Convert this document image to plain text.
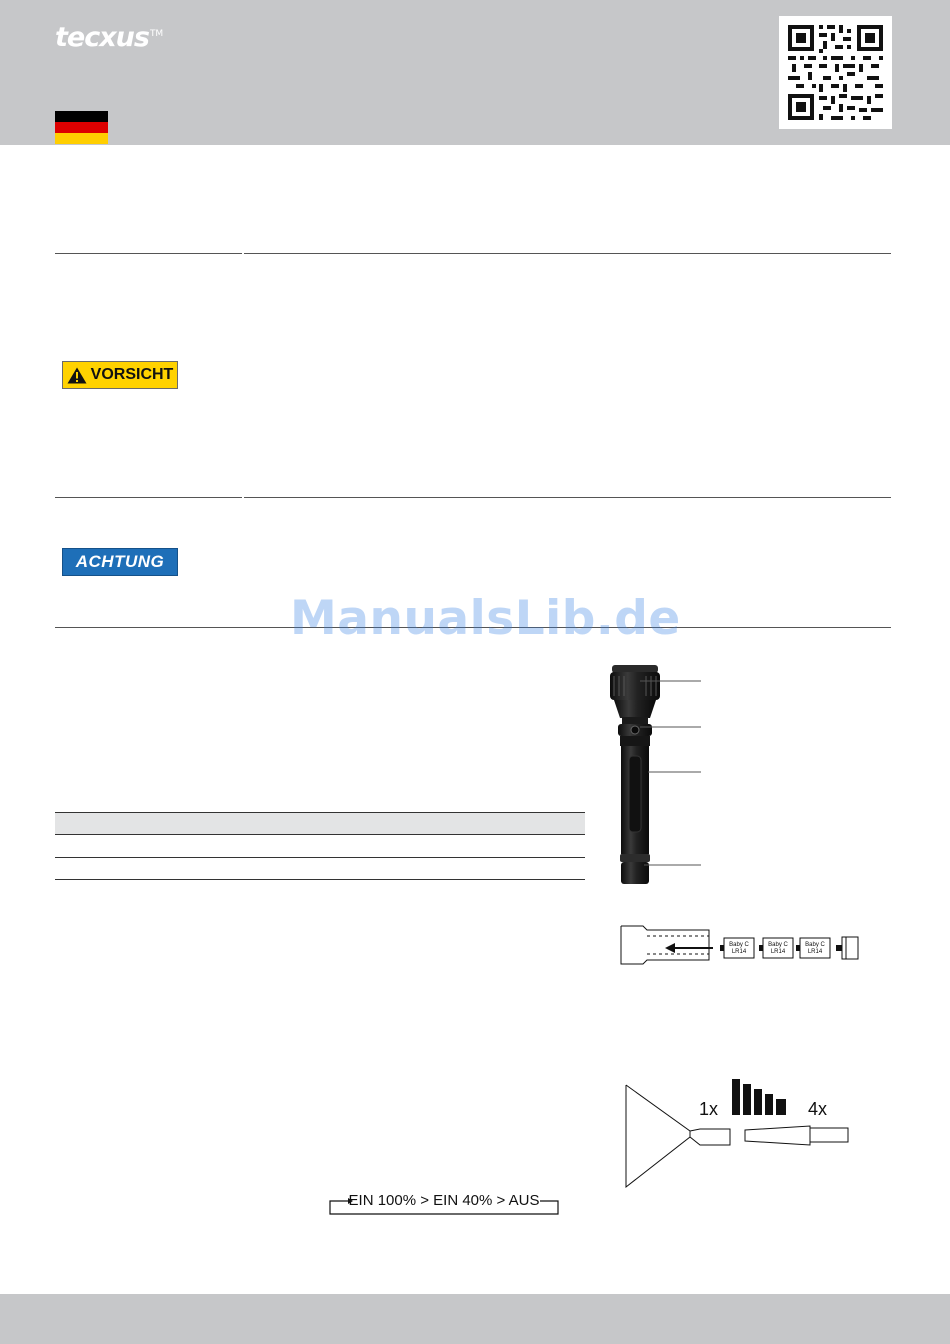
tecxus™
VORSICHT
ACHTUNG
ManualsLib.de
Baby C
LR14
Baby C
LR14
Baby C
LR14
1x	4x
EIN 100% > EIN 40% > AUS
